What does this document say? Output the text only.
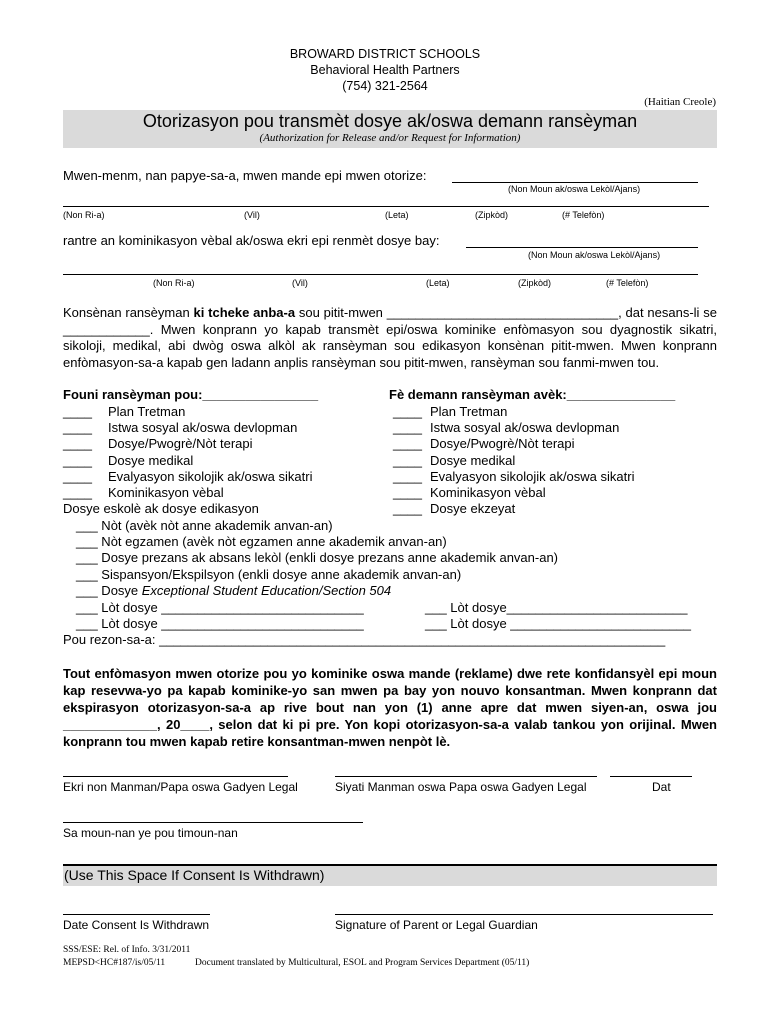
BROWARD DISTRICT SCHOOLS
Behavioral Health Partners
(754) 321-2564
(Haitian Creole)
Otorizasyon pou transmèt dosye ak/oswa demann ransèyman
(Authorization for Release and/or Request for Information)
Mwen-menm, nan papye-sa-a, mwen mande epi mwen otorize:
(Non Moun ak/oswa Lekòl/Ajans)
(Non Ri-a)	(Vil)	(Leta)	(Zipkòd)	(# Telefòn)
rantre an kominikasyon vèbal ak/oswa ekri epi renmèt dosye bay:
(Non Moun ak/oswa Lekòl/Ajans)
(Non Ri-a)	(Vil)	(Leta)	(Zipkòd)	(# Telefòn)
Konsènan ransèyman ki tcheke anba-a sou pitit-mwen ________________________________, dat nesans-li se ____________. Mwen konprann yo kapab transmèt epi/oswa kominike enfòmasyon sou dyagnostik sikatri, sikoloji, medikal, abi dwòg oswa alkòl ak ransèyman sou edikasyon konsènan pitit-mwen. Mwen konprann enfòmasyon-sa-a kapab gen ladann anplis ransèyman sou pitit-mwen, ransèyman sou fanmi-mwen tou.
Founi ransèyman pou:________________
____ Plan Tretman
____ Istwa sosyal ak/oswa devlopman
____ Dosye/Pwogrè/Nòt terapi
____ Dosye medikal
____ Evalyasyon sikolojik ak/oswa sikatri
____ Kominikasyon vèbal
Fè demann ransèyman avèk:_______________
____ Plan Tretman
____ Istwa sosyal ak/oswa devlopman
____ Dosye/Pwogrè/Nòt terapi
____ Dosye medikal
____ Evalyasyon sikolojik ak/oswa sikatri
____ Kominikasyon vèbal
____ Dosye ekzeyat
Dosye eskolè ak dosye edikasyon
___ Nòt (avèk nòt anne akademik anvan-an)
___ Nòt egzamen (avèk nòt egzamen anne akademik anvan-an)
___ Dosye prezans ak absans lekòl (enkli dosye prezans anne akademik anvan-an)
___ Sispansyon/Ekspilsyon (enkli dosye anne akademik anvan-an)
___ Dosye Exceptional Student Education/Section 504
___ Lòt dosye ____________________________
___ Lòt dosye ____________________________
___ Lòt dosye_________________________
___ Lòt dosye _________________________
Pou rezon-sa-a: ______________________________________________________________________
Tout enfòmasyon mwen otorize pou yo kominike oswa mande (reklame) dwe rete konfidansyèl epi moun kap resevwa-yo pa kapab kominike-yo san mwen pa bay yon nouvo konsantman. Mwen konprann dat ekspirasyon otorizasyon-sa-a ap rive bout nan yon (1) anne apre dat mwen siyen-an, oswa jou _____________, 20____, selon dat ki pi pre. Yon kopi otorizasyon-sa-a valab tankou yon orijinal. Mwen konprann tou mwen kapab retire konsantman-mwen nenpòt lè.
Ekri non Manman/Papa oswa Gadyen Legal	Siyati Manman oswa Papa oswa Gadyen Legal	Dat
Sa moun-nan ye pou timoun-nan
(Use This Space If Consent Is Withdrawn)
Date Consent Is Withdrawn	Signature of Parent or Legal Guardian
SSS/ESE: Rel. of Info. 3/31/2011
MEPSD<HC#187/is/05/11	Document translated by Multicultural, ESOL and Program Services Department (05/11)
